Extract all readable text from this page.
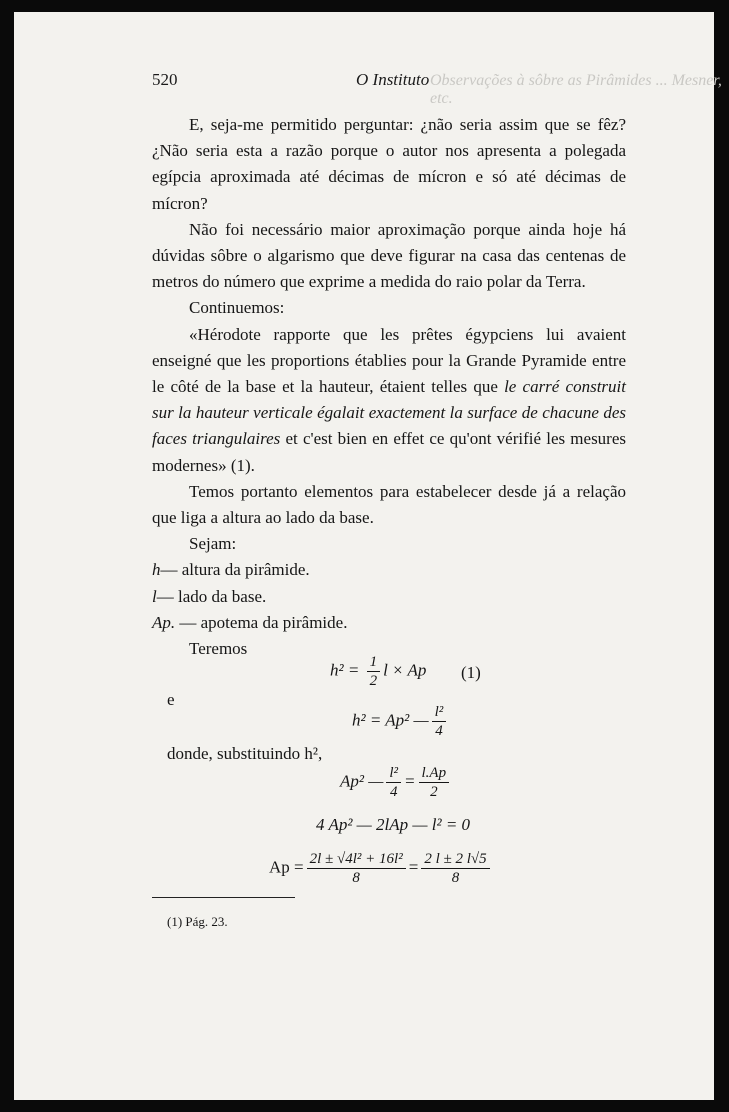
Observações à sôbre as Pirâmides ... Mesner, etc.
520	O Instituto

E, seja-me permitido perguntar: ¿não seria assim que se fêz? ¿Não seria esta a razão porque o autor nos apresenta a polegada egípcia aproximada até décimas de mícron e só até décimas de mícron?

Não foi necessário maior aproximação porque ainda hoje há dúvidas sôbre o algarismo que deve figurar na casa das centenas de metros do número que exprime a medida do raio polar da Terra.

Continuemos:

«Hérodote rapporte que les prêtes égypciens lui avaient enseigné que les proportions établies pour la Grande Pyramide entre le côté de la base et la hauteur, étaient telles que le carré construit sur la hauteur verticale égalait exactement la surface de chacune des faces triangulaires et c'est bien en effet ce qu'ont vérifié les mesures modernes» (1).

Temos portanto elementos para estabelecer desde já a relação que liga a altura ao lado da base.

Sejam:

h— altura da pirâmide.

l— lado da base.

Ap. — apotema da pirâmide.

Teremos

$h^2 = \frac{1}{2}$ l × Ap (1)
e
h² = Ap² — $\frac{\text{l²}}{4}$
donde, substituindo h²,
Ap² — $\frac{\text{l²}}{4} = \frac{l.Ap}{2}$
4 Ap² — 2lAp — l² = 0
$Ap = \frac{\text{2l ± √4l² + 16l²}}{8} = \frac{2 l \pm 2 l√5}{8}$
(1) Pág. 23.
